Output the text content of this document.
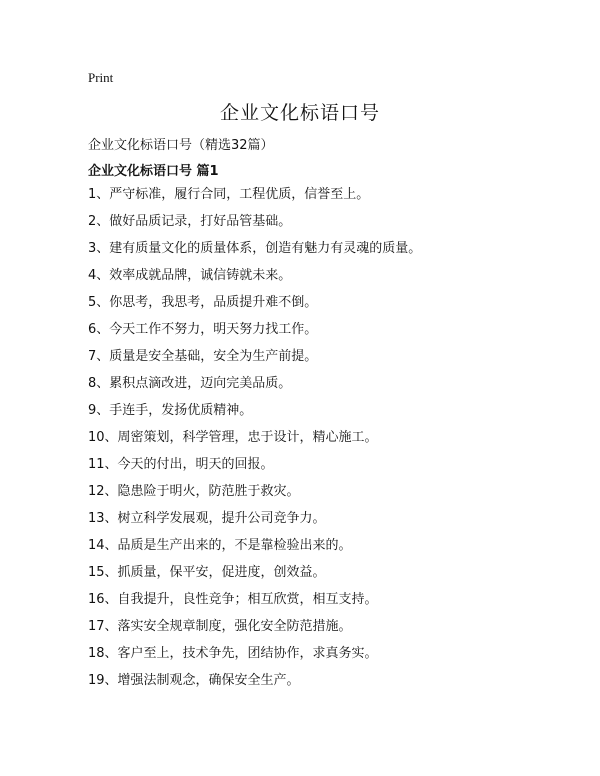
Print
企业文化标语口号

企业文化标语口号（精选32篇）

企业文化标语口号 篇1

1、严守标准，履行合同，工程优质，信誉至上。
2、做好品质记录，打好品管基础。
3、建有质量文化的质量体系，创造有魅力有灵魂的质量。
4、效率成就品牌，诚信铸就未来。
5、你思考，我思考，品质提升难不倒。
6、今天工作不努力，明天努力找工作。
7、质量是安全基础，安全为生产前提。
8、累积点滴改进，迈向完美品质。
9、手连手，发扬优质精神。
10、周密策划，科学管理，忠于设计，精心施工。
11、今天的付出，明天的回报。
12、隐患险于明火，防范胜于救灾。
13、树立科学发展观，提升公司竞争力。
14、品质是生产出来的，不是靠检验出来的。
15、抓质量，保平安，促进度，创效益。
16、自我提升，良性竞争；相互欣赏，相互支持。
17、落实安全规章制度，强化安全防范措施。
18、客户至上，技术争先，团结协作，求真务实。
19、增强法制观念，确保安全生产。
